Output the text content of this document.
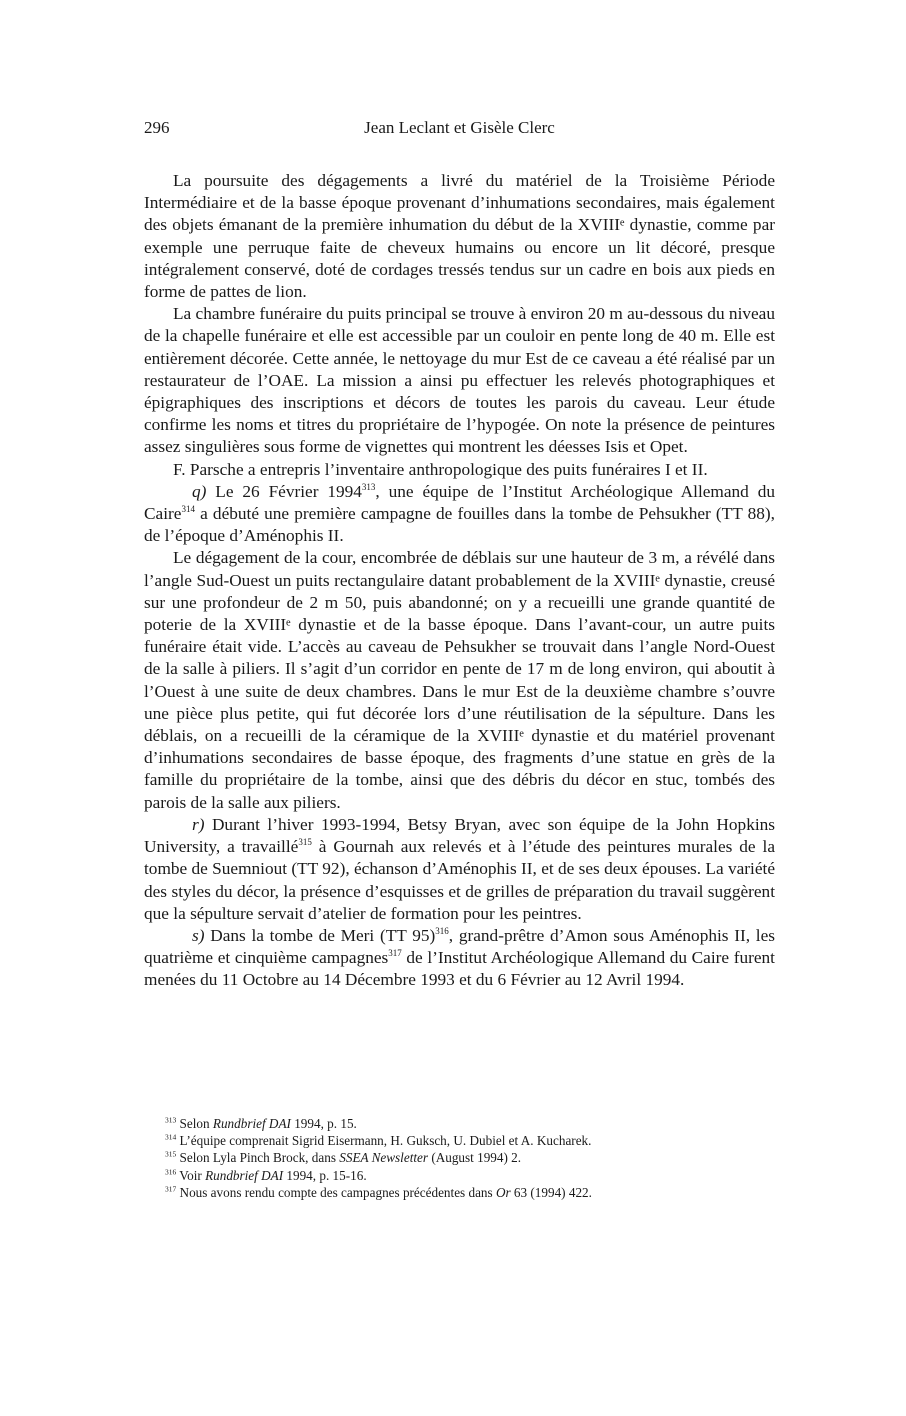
296	Jean Leclant et Gisèle Clerc

La poursuite des dégagements a livré du matériel de la Troisième Période Intermédiaire et de la basse époque provenant d’inhumations secondaires, mais également des objets émanant de la première inhumation du début de la XVIIIᵉ dynastie, comme par exemple une perruque faite de cheveux humains ou encore un lit décoré, presque intégralement conservé, doté de cordages tressés tendus sur un cadre en bois aux pieds en forme de pattes de lion.

La chambre funéraire du puits principal se trouve à environ 20 m au-dessous du niveau de la chapelle funéraire et elle est accessible par un couloir en pente long de 40 m. Elle est entièrement décorée. Cette année, le nettoyage du mur Est de ce caveau a été réalisé par un restaurateur de l’OAE. La mission a ainsi pu effectuer les relevés photographiques et épigraphiques des inscriptions et décors de toutes les parois du caveau. Leur étude confirme les noms et titres du propriétaire de l’hypogée. On note la présence de peintures assez singulières sous forme de vignettes qui montrent les déesses Isis et Opet.

F. Parsche a entrepris l’inventaire anthropologique des puits funéraires I et II.

q) Le 26 Février 1994$^{313}$, une équipe de l’Institut Archéologique Allemand du Caire$^{314}$ a débuté une première campagne de fouilles dans la tombe de Pehsukher (TT 88), de l’époque d’Aménophis II.

Le dégagement de la cour, encombrée de déblais sur une hauteur de 3 m, a révélé dans l’angle Sud-Ouest un puits rectangulaire datant probablement de la XVIIIᵉ dynastie, creusé sur une profondeur de 2 m 50, puis abandonné; on y a recueilli une grande quantité de poterie de la XVIIIᵉ dynastie et de la basse époque. Dans l’avant-cour, un autre puits funéraire était vide. L’accès au caveau de Pehsukher se trouvait dans l’angle Nord-Ouest de la salle à piliers. Il s’agit d’un corridor en pente de 17 m de long environ, qui aboutit à l’Ouest à une suite de deux chambres. Dans le mur Est de la deuxième chambre s’ouvre une pièce plus petite, qui fut décorée lors d’une réutilisation de la sépulture. Dans les déblais, on a recueilli de la céramique de la XVIIIᵉ dynastie et du matériel provenant d’inhumations secondaires de basse époque, des fragments d’une statue en grès de la famille du propriétaire de la tombe, ainsi que des débris du décor en stuc, tombés des parois de la salle aux piliers.

r) Durant l’hiver 1993-1994, Betsy Bryan, avec son équipe de la John Hopkins University, a travaillé$^{315}$ à Gournah aux relevés et à l’étude des peintures murales de la tombe de Suemniout (TT 92), échanson d’Aménophis II, et de ses deux épouses. La variété des styles du décor, la présence d’esquisses et de grilles de préparation du travail suggèrent que la sépulture servait d’atelier de formation pour les peintres.

s) Dans la tombe de Meri (TT 95)$^{316}$, grand-prêtre d’Amon sous Aménophis II, les quatrième et cinquième campagnes$^{317}$ de l’Institut Archéologique Allemand du Caire furent menées du 11 Octobre au 14 Décembre 1993 et du 6 Février au 12 Avril 1994.

$^{313}$ Selon Rundbrief DAI 1994, p. 15.
$^{314}$ L’équipe comprenait Sigrid Eisermann, H. Guksch, U. Dubiel et A. Kucharek.
$^{315}$ Selon Lyla Pinch Brock, dans SSEA Newsletter (August 1994) 2.
$^{316}$ Voir Rundbrief DAI 1994, p. 15-16.
$^{317}$ Nous avons rendu compte des campagnes précédentes dans Or 63 (1994) 422.
